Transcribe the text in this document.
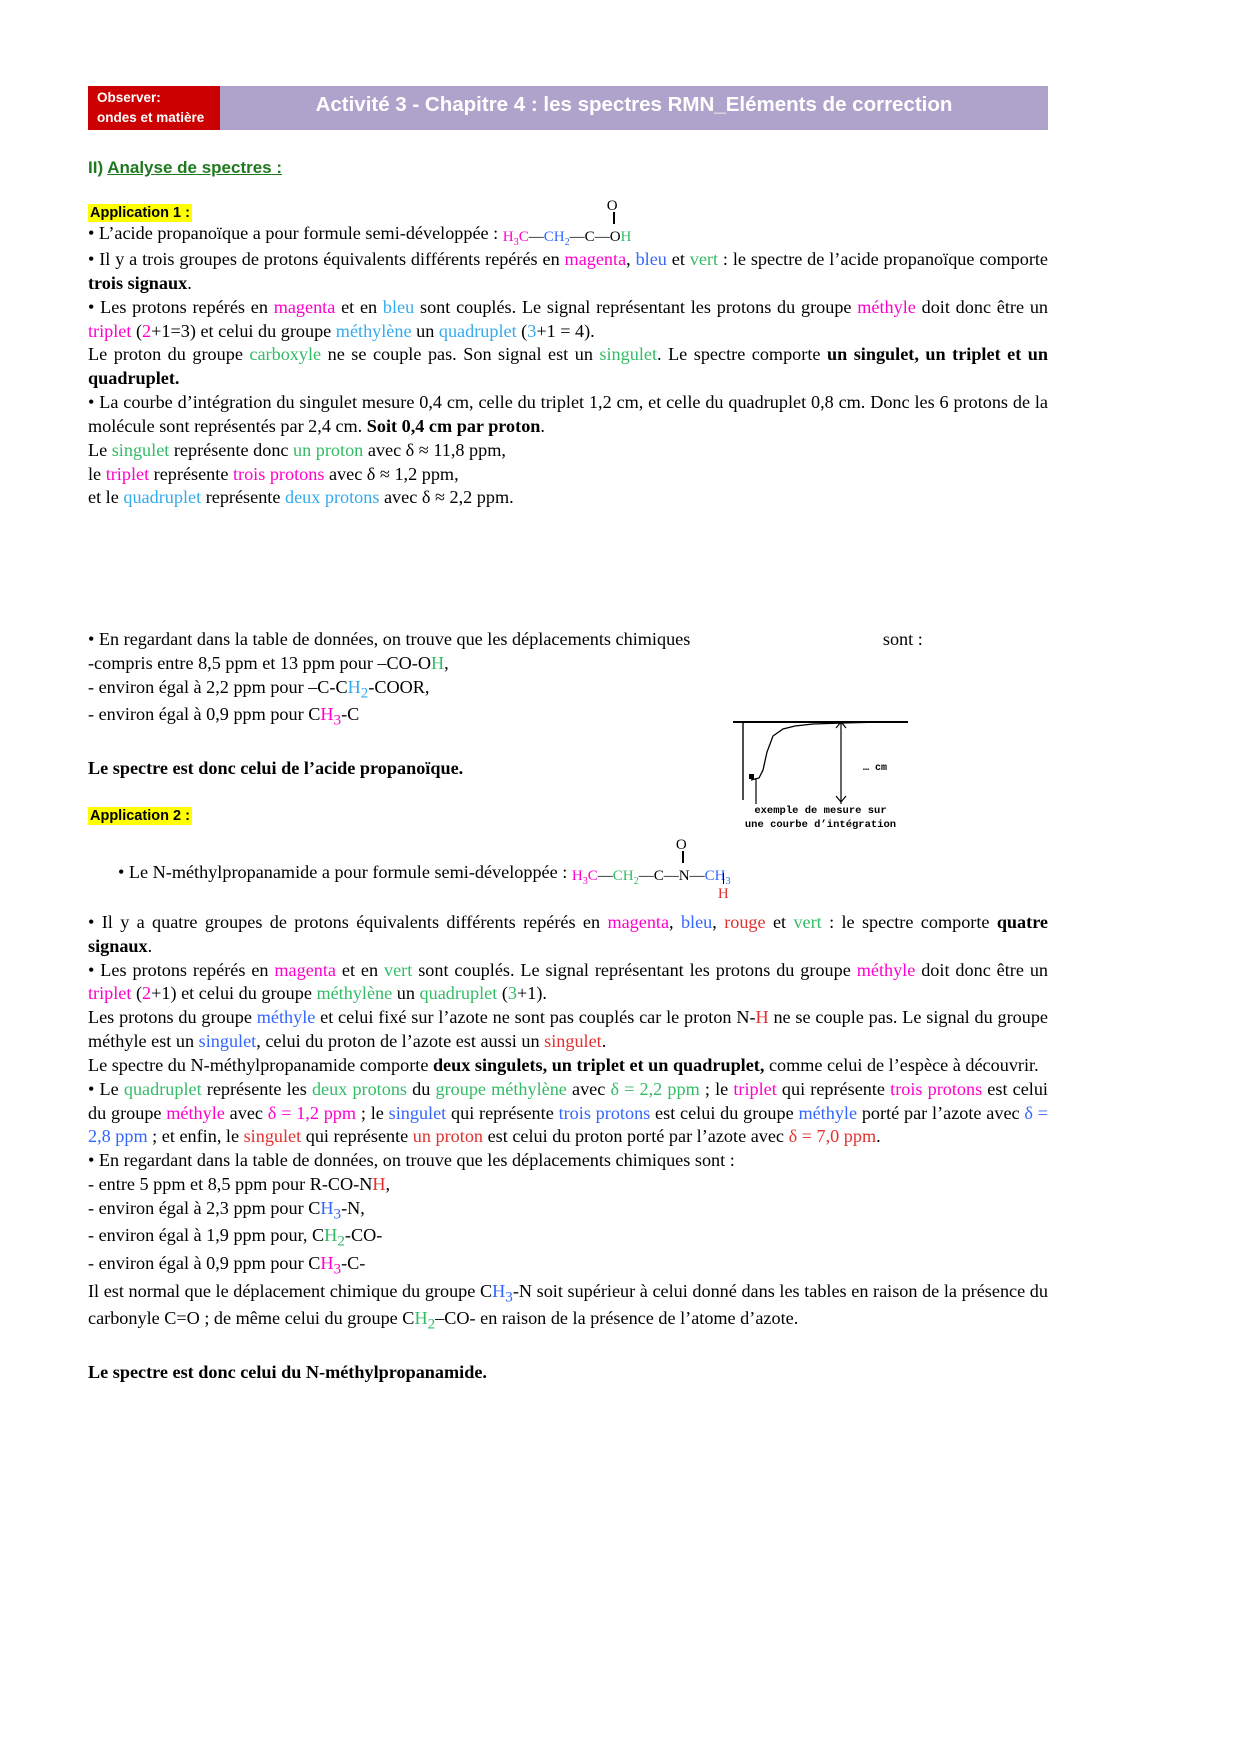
Observer:
ondes et matière
Activité 3 - Chapitre 4 : les spectres RMN_Eléments de correction
II) Analyse de spectres :
Application 1 :

• L’acide propanoïque a pour formule semi-développée :
O
$H_3C—CH_2—C—OH$

• Il y a trois groupes de protons équivalents différents repérés en magenta, bleu et vert : le spectre de l’acide propanoïque comporte trois signaux.

• Les protons repérés en magenta et en bleu sont couplés. Le signal représentant les protons du groupe méthyle doit donc être un triplet (2+1=3) et celui du groupe méthylène un quadruplet (3+1 = 4).

Le proton du groupe carboxyle ne se couple pas. Son signal est un singulet. Le spectre comporte un singulet, un triplet et un quadruplet.

• La courbe d’intégration du singulet mesure 0,4 cm, celle du triplet 1,2 cm, et celle du quadruplet 0,8 cm. Donc les 6 protons de la molécule sont représentés par 2,4 cm. Soit 0,4 cm par proton.

Le singulet représente donc un proton avec δ ≈ 11,8 ppm,

le triplet représente trois protons avec δ ≈ 1,2 ppm,

et le quadruplet représente deux protons avec δ ≈ 2,2 ppm.

… cm
exemple de mesure sur
une courbe d’intégration

• En regardant dans la table de données, on trouve que les déplacements chimiques	sont :

-compris entre 8,5 ppm et 13 ppm pour –CO-OH,

- environ égal à 2,2 ppm pour $-C-CH_2$-COOR,

- environ égal à 0,9 ppm pour $CH_3-C$

Le spectre est donc celui de l’acide propanoïque.

Application 2 :

• Le N-méthylpropanamide a pour formule semi-développée :
O
H
$H_3C—CH_2—C—N—CH_3$

• Il y a quatre groupes de protons équivalents différents repérés en magenta, bleu, rouge et vert : le spectre comporte quatre signaux.

• Les protons repérés en magenta et en vert sont couplés. Le signal représentant les protons du groupe méthyle doit donc être un triplet (2+1) et celui du groupe méthylène un quadruplet (3+1).

Les protons du groupe méthyle et celui fixé sur l’azote ne sont pas couplés car le proton N-H ne se couple pas. Le signal du groupe méthyle est un singulet, celui du proton de l’azote est aussi un singulet.

Le spectre du N-méthylpropanamide comporte deux singulets, un triplet et un quadruplet, comme celui de l’espèce à découvrir.

• Le quadruplet représente les deux protons du groupe méthylène avec δ = 2,2 ppm ; le triplet qui représente trois protons est celui du groupe méthyle avec δ = 1,2 ppm ; le singulet qui représente trois protons est celui du groupe méthyle porté par l’azote avec δ = 2,8 ppm ; et enfin, le singulet qui représente un proton est celui du proton porté par l’azote avec δ = 7,0 ppm.

• En regardant dans la table de données, on trouve que les déplacements chimiques sont :

- entre 5 ppm et 8,5 ppm pour R-CO-NH,

- environ égal à 2,3 ppm pour $CH_3-N$,

- environ égal à 1,9 ppm pour, $CH_2-CO-$

- environ égal à 0,9 ppm pour $CH_3-C-$

Il est normal que le déplacement chimique du groupe $CH_3-N$ soit supérieur à celui donné dans les tables en raison de la présence du carbonyle C=O ; de même celui du groupe $CH_2-CO-$ en raison de la présence de l’atome d’azote.

Le spectre est donc celui du N-méthylpropanamide.
